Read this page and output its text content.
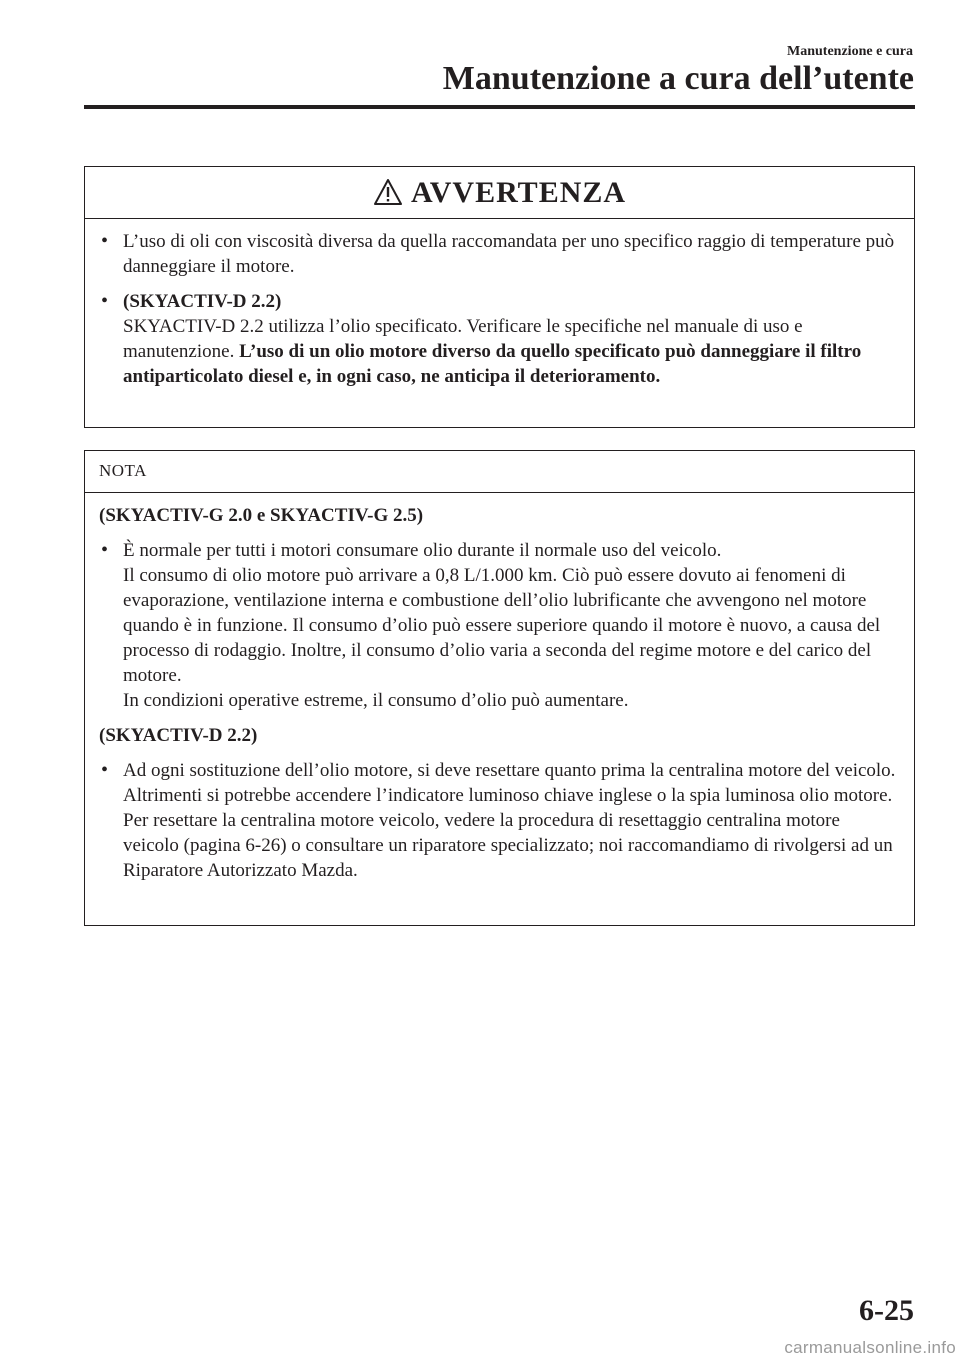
Manutenzione e cura
Manutenzione a cura dell’utente
AVVERTENZA
• L’uso di oli con viscosità diversa da quella raccomandata per uno specifico raggio di temperature può danneggiare il motore.
• (SKYACTIV-D 2.2)
SKYACTIV-D 2.2 utilizza l’olio specificato. Verificare le specifiche nel manuale di uso e manutenzione. L’uso di un olio motore diverso da quello specificato può danneggiare il filtro antiparticolato diesel e, in ogni caso, ne anticipa il deterioramento.
NOTA
(SKYACTIV-G 2.0 e SKYACTIV-G 2.5)
• È normale per tutti i motori consumare olio durante il normale uso del veicolo.
Il consumo di olio motore può arrivare a 0,8 L/1.000 km. Ciò può essere dovuto ai fenomeni di evaporazione, ventilazione interna e combustione dell’olio lubrificante che avvengono nel motore quando è in funzione. Il consumo d’olio può essere superiore quando il motore è nuovo, a causa del processo di rodaggio. Inoltre, il consumo d’olio varia a seconda del regime motore e del carico del motore.
In condizioni operative estreme, il consumo d’olio può aumentare.
(SKYACTIV-D 2.2)
• Ad ogni sostituzione dell’olio motore, si deve resettare quanto prima la centralina motore del veicolo. Altrimenti si potrebbe accendere l’indicatore luminoso chiave inglese o la spia luminosa olio motore. Per resettare la centralina motore veicolo, vedere la procedura di resettaggio centralina motore veicolo (pagina 6-26) o consultare un riparatore specializzato; noi raccomandiamo di rivolgersi ad un Riparatore Autorizzato Mazda.
6-25
carmanualsonline.info
